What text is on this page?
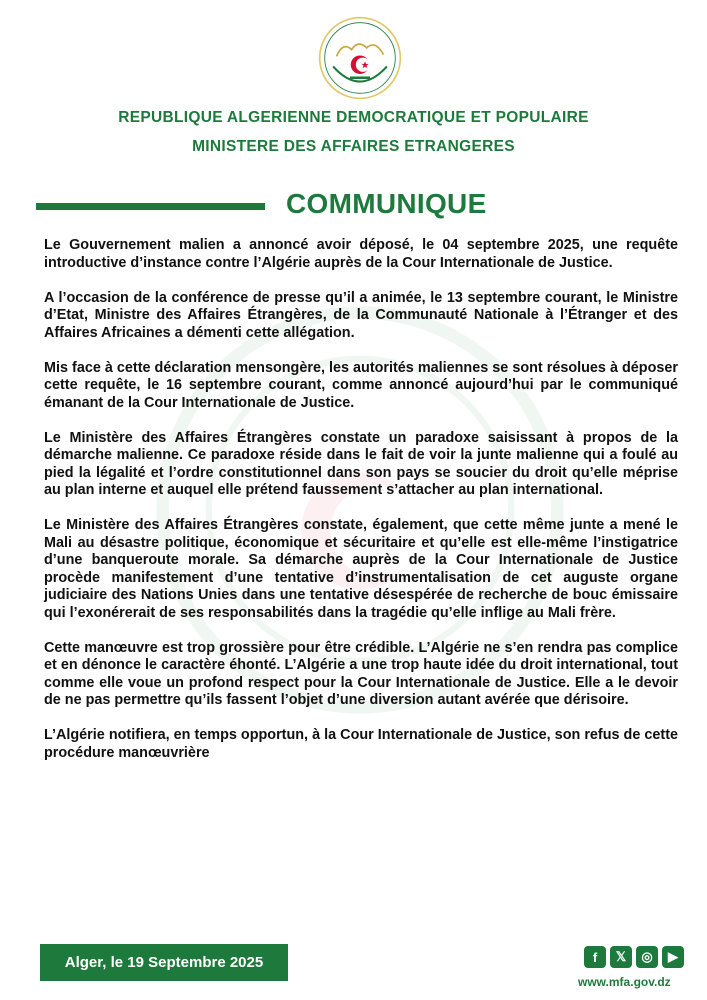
REPUBLIQUE ALGERIENNE DEMOCRATIQUE ET POPULAIRE
MINISTERE DES AFFAIRES ETRANGERES
COMMUNIQUE

Le Gouvernement malien a annoncé avoir déposé, le 04 septembre 2025, une requête introductive d’instance contre l’Algérie auprès de la Cour Internationale de Justice.

A l’occasion de la conférence de presse qu’il a animée, le 13 septembre courant, le Ministre d’Etat, Ministre des Affaires Étrangères, de la Communauté Nationale à l’Étranger et des Affaires Africaines a démenti cette allégation.

Mis face à cette déclaration mensongère, les autorités maliennes se sont résolues à déposer cette requête, le 16 septembre courant, comme annoncé aujourd’hui par le communiqué émanant de la Cour Internationale de Justice.

Le Ministère des Affaires Étrangères constate un paradoxe saisissant à propos de la démarche malienne. Ce paradoxe réside dans le fait de voir la junte malienne qui a foulé au pied la légalité et l’ordre constitutionnel dans son pays se soucier du droit qu’elle méprise au plan interne et auquel elle prétend faussement s’attacher au plan international.

Le Ministère des Affaires Étrangères constate, également, que cette même junte a mené le Mali au désastre politique, économique et sécuritaire et qu’elle est elle-même l’instigatrice d’une banqueroute morale. Sa démarche auprès de la Cour Internationale de Justice procède manifestement d’une tentative d’instrumentalisation de cet auguste organe judiciaire des Nations Unies dans une tentative désespérée de recherche de bouc émissaire qui l’exonérerait de ses responsabilités dans la tragédie qu’elle inflige au Mali frère.

Cette manœuvre est trop grossière pour être crédible. L’Algérie ne s’en rendra pas complice et en dénonce le caractère éhonté. L’Algérie a une trop haute idée du droit international, tout comme elle voue un profond respect pour la Cour Internationale de Justice. Elle a le devoir de ne pas permettre qu’ils fassent l’objet d’une diversion autant avérée que dérisoire.

L’Algérie notifiera, en temps opportun, à la Cour Internationale de Justice, son refus de cette procédure manœuvrière

Alger, le 19 Septembre 2025	f	𝕏	◎	▶
www.mfa.gov.dz
